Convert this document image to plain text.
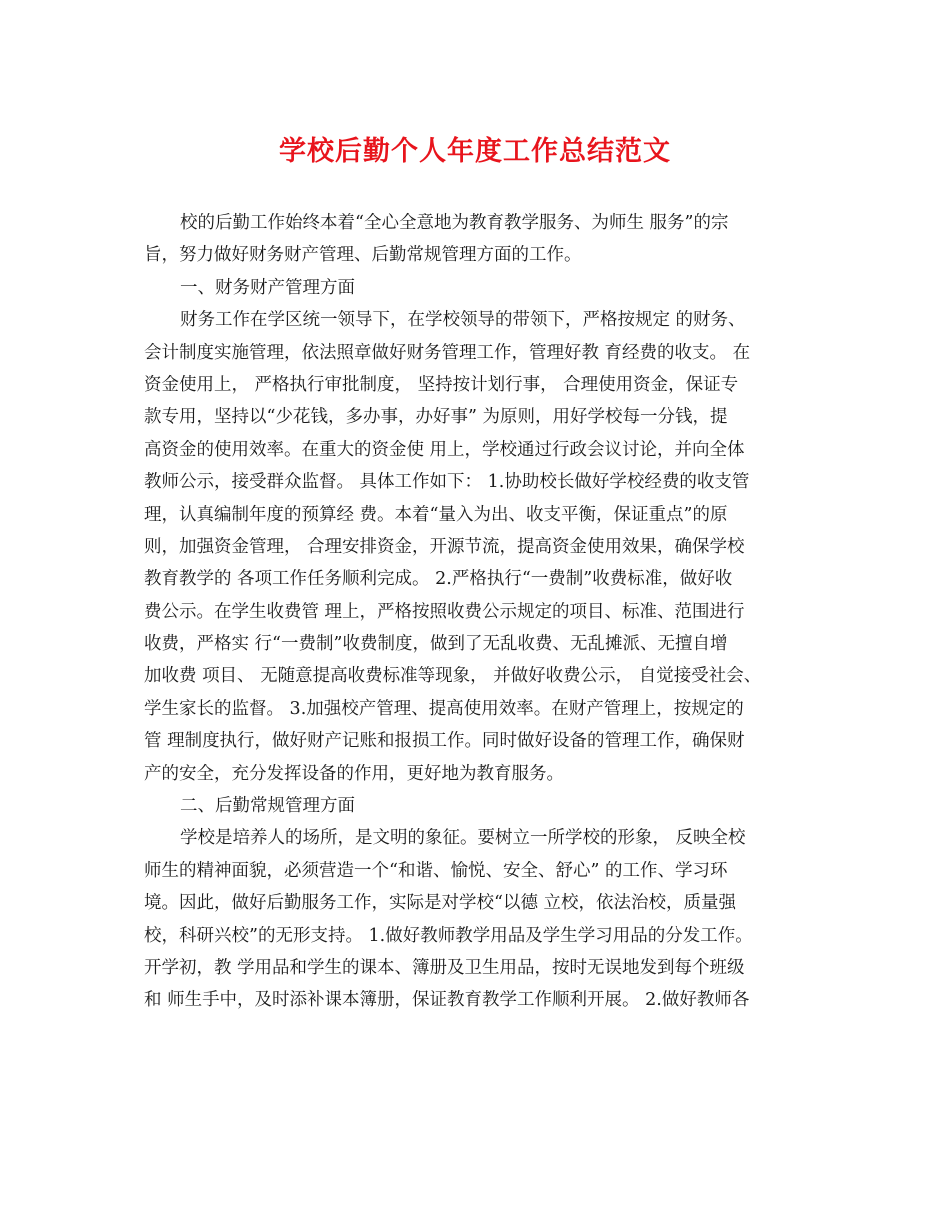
学校后勤个人年度工作总结范文
校的后勤工作始终本着“全心全意地为教育教学服务、为师生 服务”的宗
旨，努力做好财务财产管理、后勤常规管理方面的工作。
一、财务财产管理方面
财务工作在学区统一领导下，在学校领导的带领下，严格按规定 的财务、
会计制度实施管理，依法照章做好财务管理工作，管理好教 育经费的收支。 在
资金使用上， 严格执行审批制度， 坚持按计划行事， 合理使用资金，保证专
款专用，坚持以“少花钱，多办事，办好事” 为原则，用好学校每一分钱，提
高资金的使用效率。在重大的资金使 用上，学校通过行政会议讨论，并向全体
教师公示，接受群众监督。 具体工作如下： 1.协助校长做好学校经费的收支管
理，认真编制年度的预算经 费。本着“量入为出、收支平衡，保证重点”的原
则，加强资金管理， 合理安排资金，开源节流，提高资金使用效果，确保学校
教育教学的 各项工作任务顺利完成。 2.严格执行“一费制”收费标准，做好收
费公示。在学生收费管 理上，严格按照收费公示规定的项目、标准、范围进行
收费，严格实 行“一费制”收费制度，做到了无乱收费、无乱摊派、无擅自增
加收费 项目、 无随意提高收费标准等现象， 并做好收费公示， 自觉接受社会、
学生家长的监督。 3.加强校产管理、提高使用效率。在财产管理上，按规定的
管 理制度执行，做好财产记账和报损工作。同时做好设备的管理工作，确保财
产的安全，充分发挥设备的作用，更好地为教育服务。
二、后勤常规管理方面
学校是培养人的场所，是文明的象征。要树立一所学校的形象， 反映全校
师生的精神面貌，必须营造一个“和谐、愉悦、安全、舒心” 的工作、学习环
境。因此，做好后勤服务工作，实际是对学校“以德 立校，依法治校，质量强
校，科研兴校”的无形支持。 1.做好教师教学用品及学生学习用品的分发工作。
开学初，教 学用品和学生的课本、簿册及卫生用品，按时无误地发到每个班级
和 师生手中，及时添补课本簿册，保证教育教学工作顺利开展。 2.做好教师各
